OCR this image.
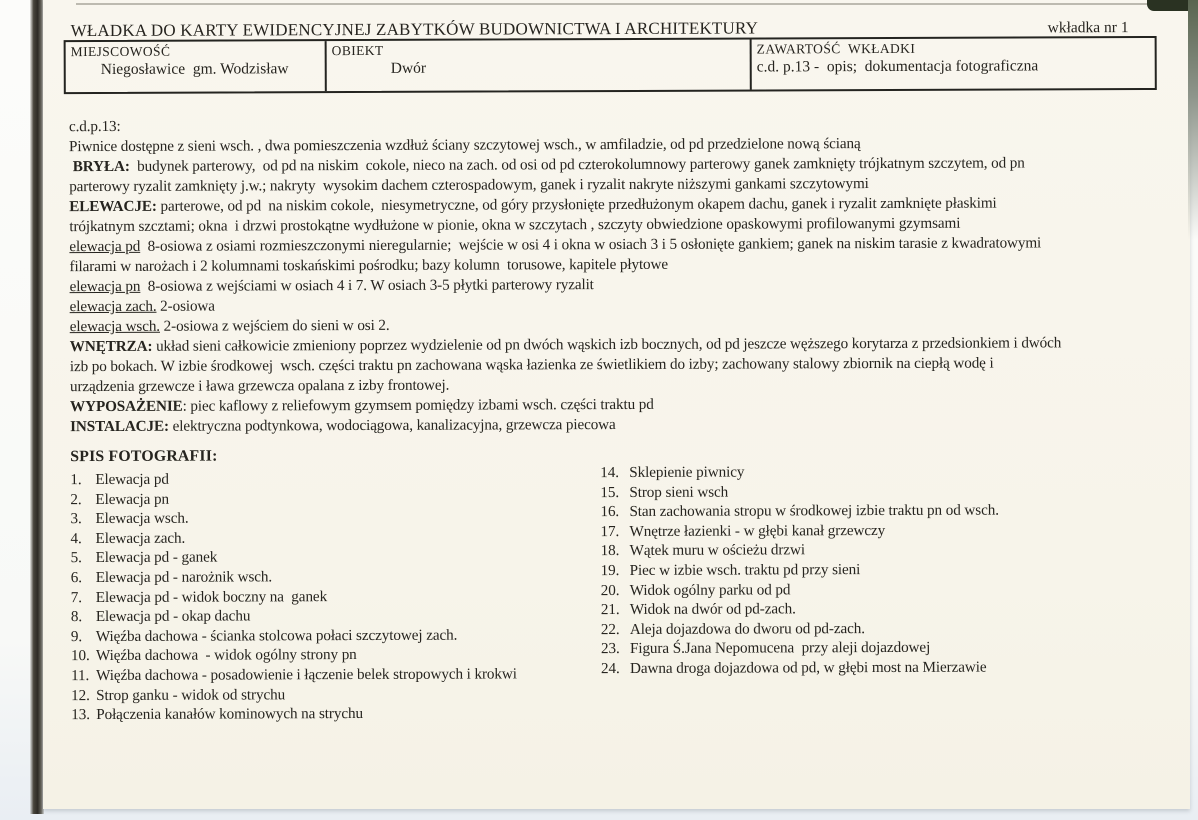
WŁADKA DO KARTY EWIDENCYJNEJ ZABYTKÓW BUDOWNICTWA I ARCHITEKTURY	wkładka nr 1
MIEJSCOWOŚĆ
Niegosławice  gm. Wodzisław
OBIEKT
Dwór
ZAWARTOŚĆ  WKŁADKI
c.d. p.13 -  opis;  dokumentacja fotograficzna
c.d.p.13:
Piwnice dostępne z sieni wsch. , dwa pomieszczenia wzdłuż ściany szczytowej wsch., w amfiladzie, od pd przedzielone nową ścianą
BRYŁA:  budynek parterowy,  od pd na niskim  cokole, nieco na zach. od osi od pd czterokolumnowy parterowy ganek zamknięty trójkatnym szczytem, od pn
parterowy ryzalit zamknięty j.w.; nakryty  wysokim dachem czterospadowym, ganek i ryzalit nakryte niższymi gankami szczytowymi
ELEWACJE: parterowe, od pd  na niskim cokole,  niesymetryczne, od góry przysłonięte przedłużonym okapem dachu, ganek i ryzalit zamknięte płaskimi
trójkatnym szcztami; okna  i drzwi prostokątne wydłużone w pionie, okna w szczytach , szczyty obwiedzione opaskowymi profilowanymi gzymsami
elewacja pd  8-osiowa z osiami rozmieszczonymi nieregularnie;  wejście w osi 4 i okna w osiach 3 i 5 osłonięte gankiem; ganek na niskim tarasie z kwadratowymi
filarami w narożach i 2 kolumnami toskańskimi pośrodku; bazy kolumn  torusowe, kapitele płytowe
elewacja pn  8-osiowa z wejściami w osiach 4 i 7. W osiach 3-5 płytki parterowy ryzalit
elewacja zach. 2-osiowa
elewacja wsch. 2-osiowa z wejściem do sieni w osi 2.
WNĘTRZA: układ sieni całkowicie zmieniony poprzez wydzielenie od pn dwóch wąskich izb bocznych, od pd jeszcze węższego korytarza z przedsionkiem i dwóch
izb po bokach. W izbie środkowej  wsch. części traktu pn zachowana wąska łazienka ze świetlikiem do izby; zachowany stalowy zbiornik na ciepłą wodę i
urządzenia grzewcze i ława grzewcza opalana z izby frontowej.
WYPOSAŻENIE: piec kaflowy z reliefowym gzymsem pomiędzy izbami wsch. części traktu pd
INSTALACJE: elektryczna podtynkowa, wodociągowa, kanalizacyjna, grzewcza piecowa
SPIS FOTOGRAFII:
1. Elewacja pd
2. Elewacja pn
3. Elewacja wsch.
4. Elewacja zach.
5. Elewacja pd - ganek
6. Elewacja pd - narożnik wsch.
7. Elewacja pd - widok boczny na  ganek
8. Elewacja pd - okap dachu
9. Więźba dachowa - ścianka stolcowa połaci szczytowej zach.
10. Więźba dachowa  - widok ogólny strony pn
11. Więźba dachowa - posadowienie i łączenie belek stropowych i krokwi
12. Strop ganku - widok od strychu
13. Połączenia kanałów kominowych na strychu
14. Sklepienie piwnicy
15. Strop sieni wsch
16. Stan zachowania stropu w środkowej izbie traktu pn od wsch.
17. Wnętrze łazienki - w głębi kanał grzewczy
18. Wątek muru w ościeżu drzwi
19. Piec w izbie wsch. traktu pd przy sieni
20. Widok ogólny parku od pd
21. Widok na dwór od pd-zach.
22. Aleja dojazdowa do dworu od pd-zach.
23. Figura Ś.Jana Nepomucena  przy aleji dojazdowej
24. Dawna droga dojazdowa od pd, w głębi most na Mierzawie
